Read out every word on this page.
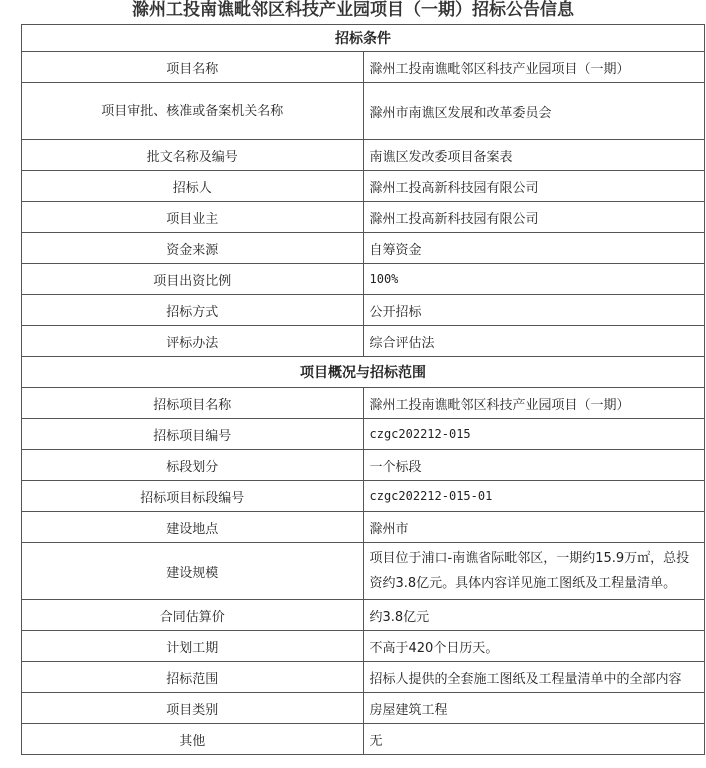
滁州工投南谯毗邻区科技产业园项目（一期）招标公告信息
招标条件	
项目名称	滁州工投南谯毗邻区科技产业园项目（一期）
项目审批、核准或备案机关名称	滁州市南谯区发展和改革委员会
批文名称及编号	南谯区发改委项目备案表
招标人	滁州工投高新科技园有限公司
项目业主	滁州工投高新科技园有限公司
资金来源	自筹资金
项目出资比例	100%
招标方式	公开招标
评标办法	综合评估法
项目概况与招标范围	
招标项目名称	滁州工投南谯毗邻区科技产业园项目（一期）
招标项目编号	czgc202212-015
标段划分	一个标段
招标项目标段编号	czgc202212-015-01
建设地点	滁州市
建设规模	项目位于浦口-南谯省际毗邻区，一期约15.9万㎡，总投资约3.8亿元。具体内容详见施工图纸及工程量清单。
合同估算价	约3.8亿元
计划工期	不高于420个日历天。
招标范围	招标人提供的全套施工图纸及工程量清单中的全部内容
项目类别	房屋建筑工程
其他	无
